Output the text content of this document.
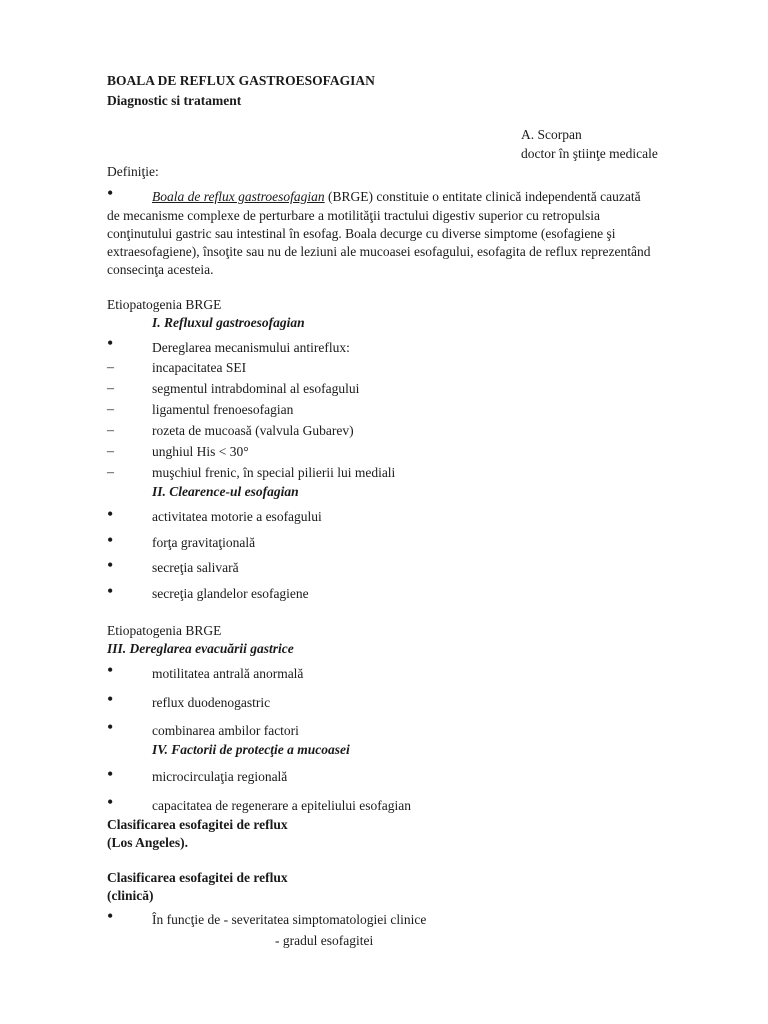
BOALA DE REFLUX GASTROESOFAGIAN
Diagnostic si tratament
A. Scorpan
doctor în ştiinţe medicale
Definiţie:
•	Boala de reflux gastroesofagian (BRGE) constituie o entitate clinică independentă cauzată
de mecanisme complexe de perturbare a motilităţii tractului digestiv superior cu retropulsia
conţinutului gastric sau intestinal în esofag. Boala decurge cu diverse simptome (esofagiene şi
extraesofagiene), însoţite sau nu de leziuni ale mucoasei esofagului, esofagita de reflux reprezentând
consecinţa acesteia.
Etiopatogenia BRGE
I. Refluxul gastroesofagian
•	Dereglarea mecanismului antireflux:
–	incapacitatea SEI
–	segmentul intrabdominal al esofagului
–	ligamentul frenoesofagian
–	rozeta de mucoasă (valvula Gubarev)
–	unghiul His < 30°
–	muşchiul frenic, în special pilierii lui mediali
II. Clearence-ul esofagian
•	activitatea motorie a esofagului
•	forţa gravitaţională
•	secreţia salivară
•	secreţia glandelor esofagiene
Etiopatogenia BRGE
III. Dereglarea evacuării gastrice
•	motilitatea antrală anormală
•	reflux duodenogastric
•	combinarea ambilor factori
IV. Factorii de protecţie a mucoasei
•	microcirculaţia regională
•	capacitatea de regenerare a epiteliului esofagian
Clasificarea esofagitei de reflux
(Los Angeles).
Clasificarea esofagitei de reflux
(clinică)
•	În funcţie de - severitatea simptomatologiei clinice
- gradul esofagitei
